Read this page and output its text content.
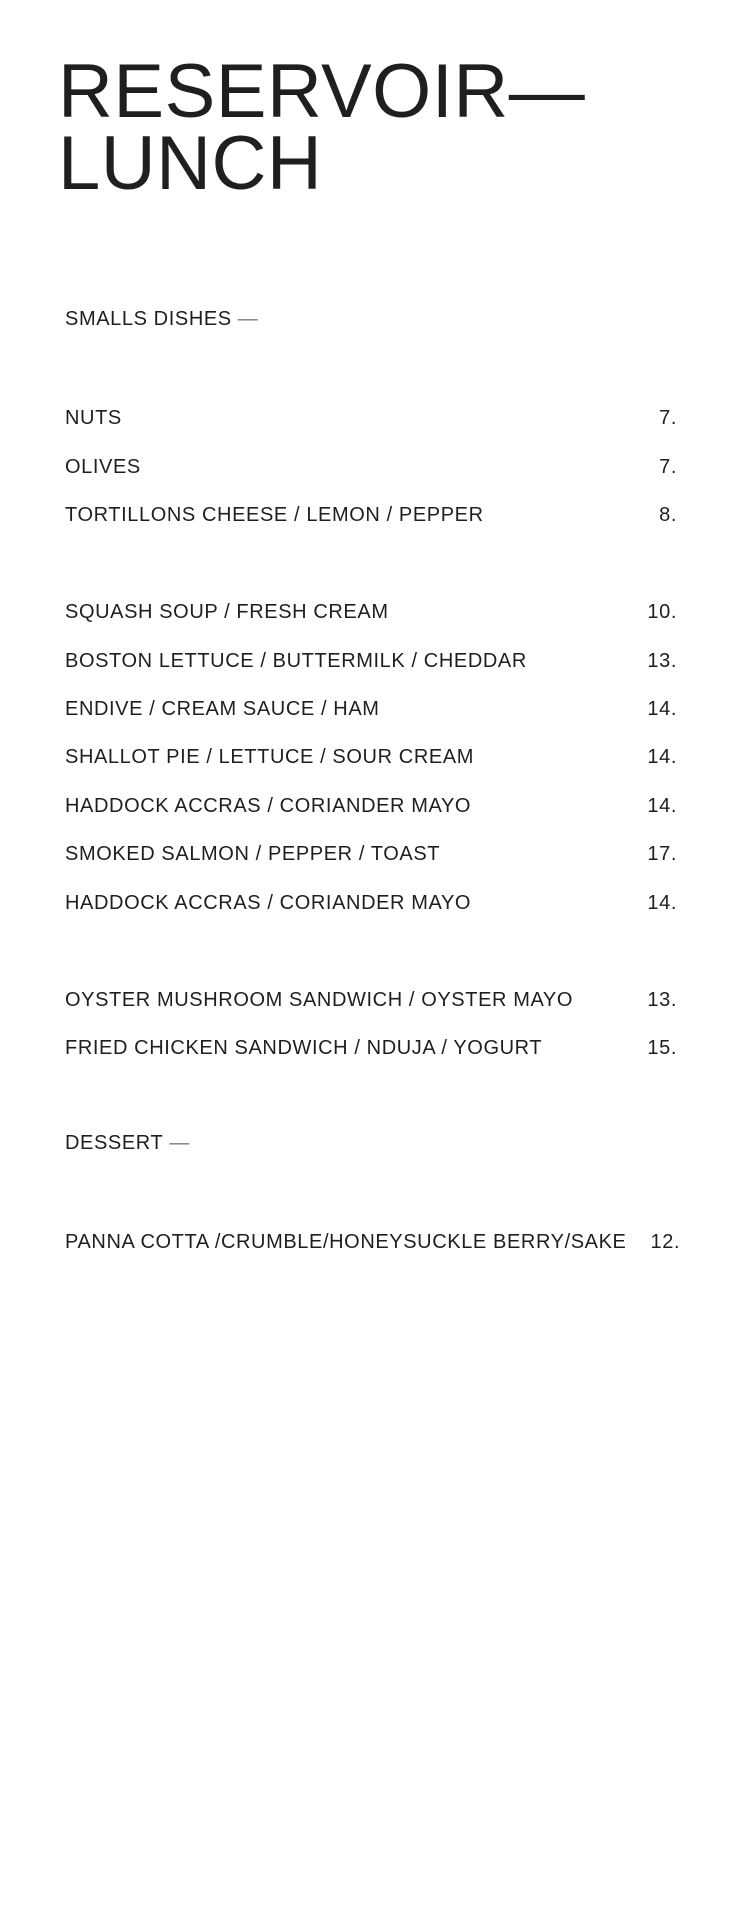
RESERVOIR—
LUNCH
SMALLS DISHES —
NUTS	7.
OLIVES	7.
TORTILLONS CHEESE / LEMON / PEPPER	8.
SQUASH SOUP / FRESH CREAM	10.
BOSTON LETTUCE / BUTTERMILK / CHEDDAR	13.
ENDIVE / CREAM SAUCE / HAM	14.
SHALLOT PIE / LETTUCE / SOUR CREAM	14.
HADDOCK ACCRAS / CORIANDER MAYO	14.
SMOKED SALMON / PEPPER / TOAST	17.
HADDOCK ACCRAS / CORIANDER MAYO	14.
OYSTER MUSHROOM SANDWICH / OYSTER MAYO	13.
FRIED CHICKEN SANDWICH / NDUJA / YOGURT	15.
DESSERT —
PANNA COTTA /CRUMBLE/HONEYSUCKLE BERRY/SAKE 12.
